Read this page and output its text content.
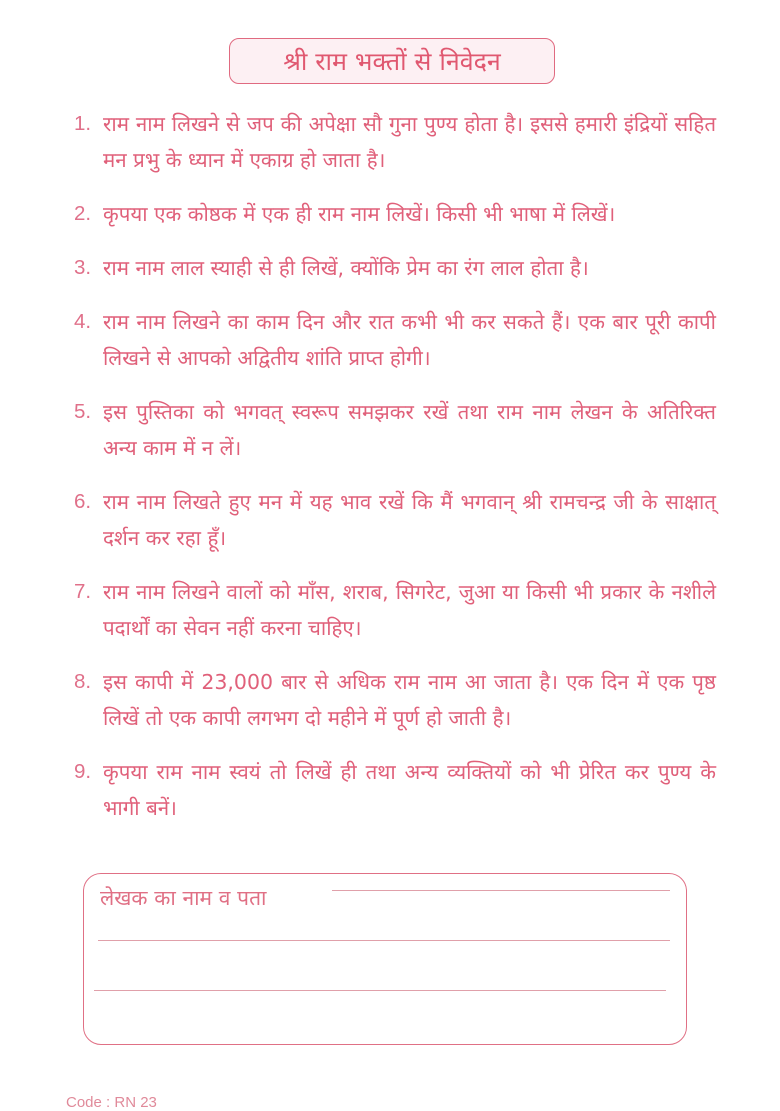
श्री राम भक्तों से निवेदन
1. राम नाम लिखने से जप की अपेक्षा सौ गुना पुण्य होता है। इससे हमारी इंद्रियों सहित मन प्रभु के ध्यान में एकाग्र हो जाता है।
2. कृपया एक कोष्ठक में एक ही राम नाम लिखें। किसी भी भाषा में लिखें।
3. राम नाम लाल स्याही से ही लिखें, क्योंकि प्रेम का रंग लाल होता है।
4. राम नाम लिखने का काम दिन और रात कभी भी कर सकते हैं। एक बार पूरी कापी लिखने से आपको अद्वितीय शांति प्राप्त होगी।
5. इस पुस्तिका को भगवत् स्वरूप समझकर रखें तथा राम नाम लेखन के अतिरिक्त अन्य काम में न लें।
6. राम नाम लिखते हुए मन में यह भाव रखें कि मैं भगवान् श्री रामचन्द्र जी के साक्षात् दर्शन कर रहा हूँ।
7. राम नाम लिखने वालों को माँस, शराब, सिगरेट, जुआ या किसी भी प्रकार के नशीले पदार्थों का सेवन नहीं करना चाहिए।
8. इस कापी में 23,000 बार से अधिक राम नाम आ जाता है। एक दिन में एक पृष्ठ लिखें तो एक कापी लगभग दो महीने में पूर्ण हो जाती है।
9. कृपया राम नाम स्वयं तो लिखें ही तथा अन्य व्यक्तियों को भी प्रेरित कर पुण्य के भागी बनें।
लेखक का नाम व पता
Code : RN 23
